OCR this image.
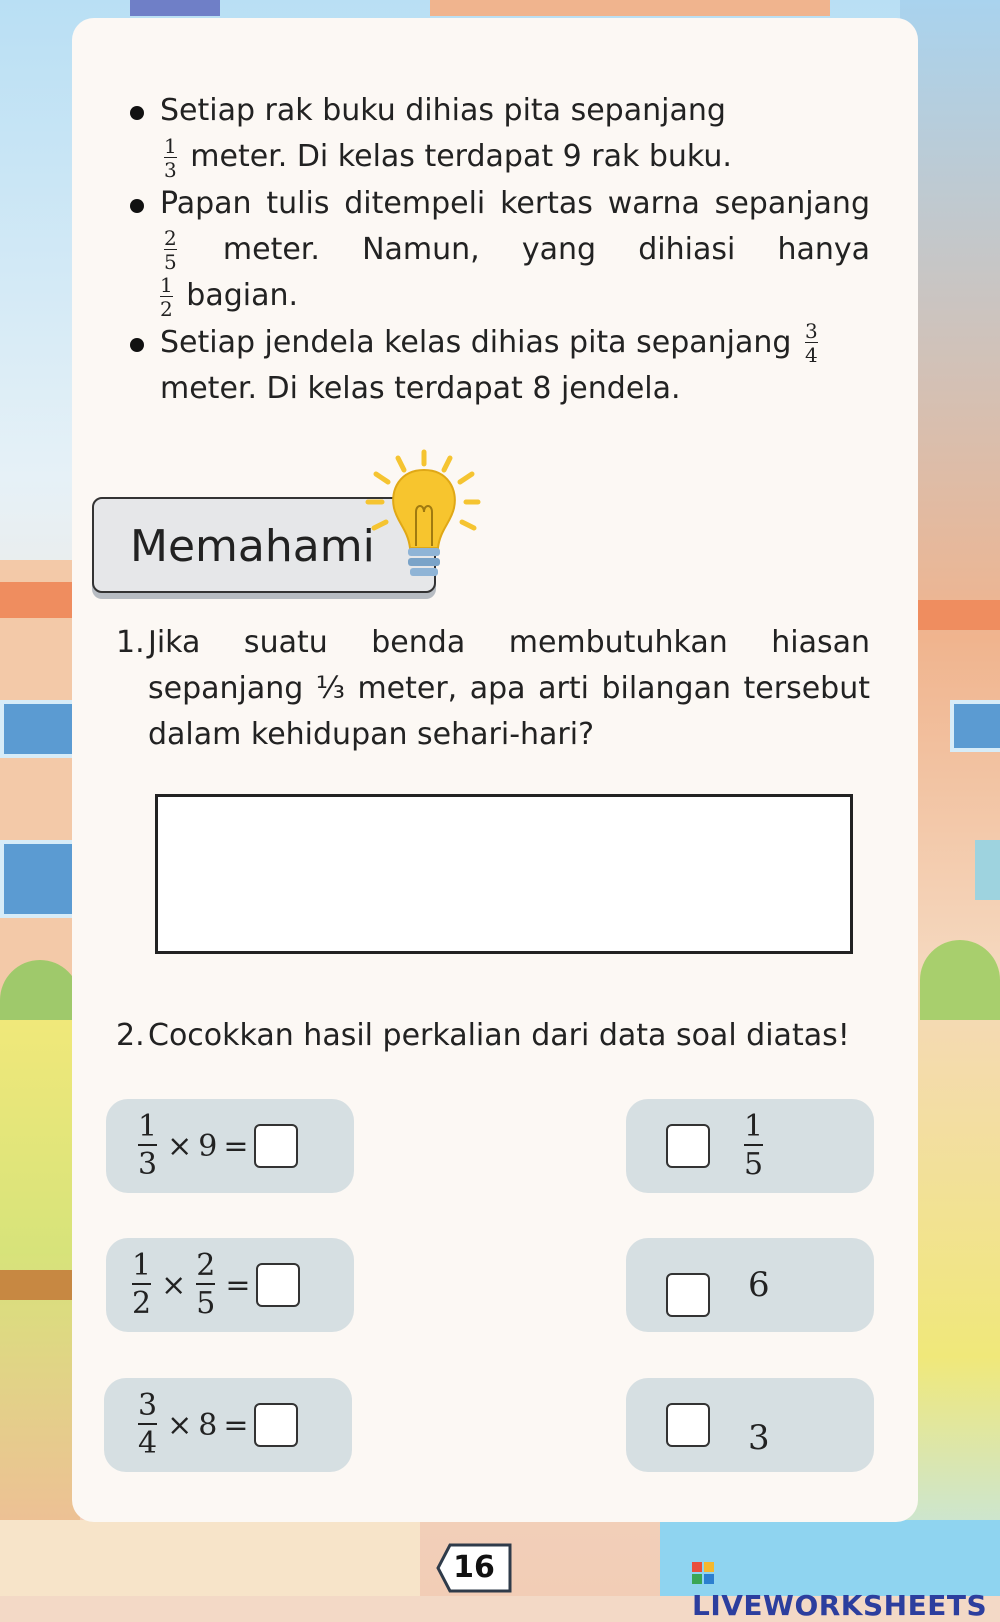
Setiap rak buku dihias pita sepanjang

$\frac{1}{3}$ meter. Di kelas terdapat 9 rak buku.
Papan tulis ditempeli kertas warna sepanjang
$\frac{2}{5}$ meter. Namun, yang dihiasi hanya
$\frac{1}{2}$ bagian.
Setiap jendela kelas dihias pita sepanjang $\frac{3}{4}$

meter. Di kelas terdapat 8 jendela.
Memahami
1. Jika suatu benda membutuhkan hiasan sepanjang ⅓ meter, apa arti bilangan tersebut dalam kehidupan sehari-hari?
2. Cocokkan hasil perkalian dari data soal diatas!
$\frac{1}{3} \times 9$ =
$\frac{1}{2} \times \frac{2}{5}$ =
$\frac{3}{4} \times 8$ =
$\frac{1}{5}$
6
3
16
LIVEWORKSHEETS
